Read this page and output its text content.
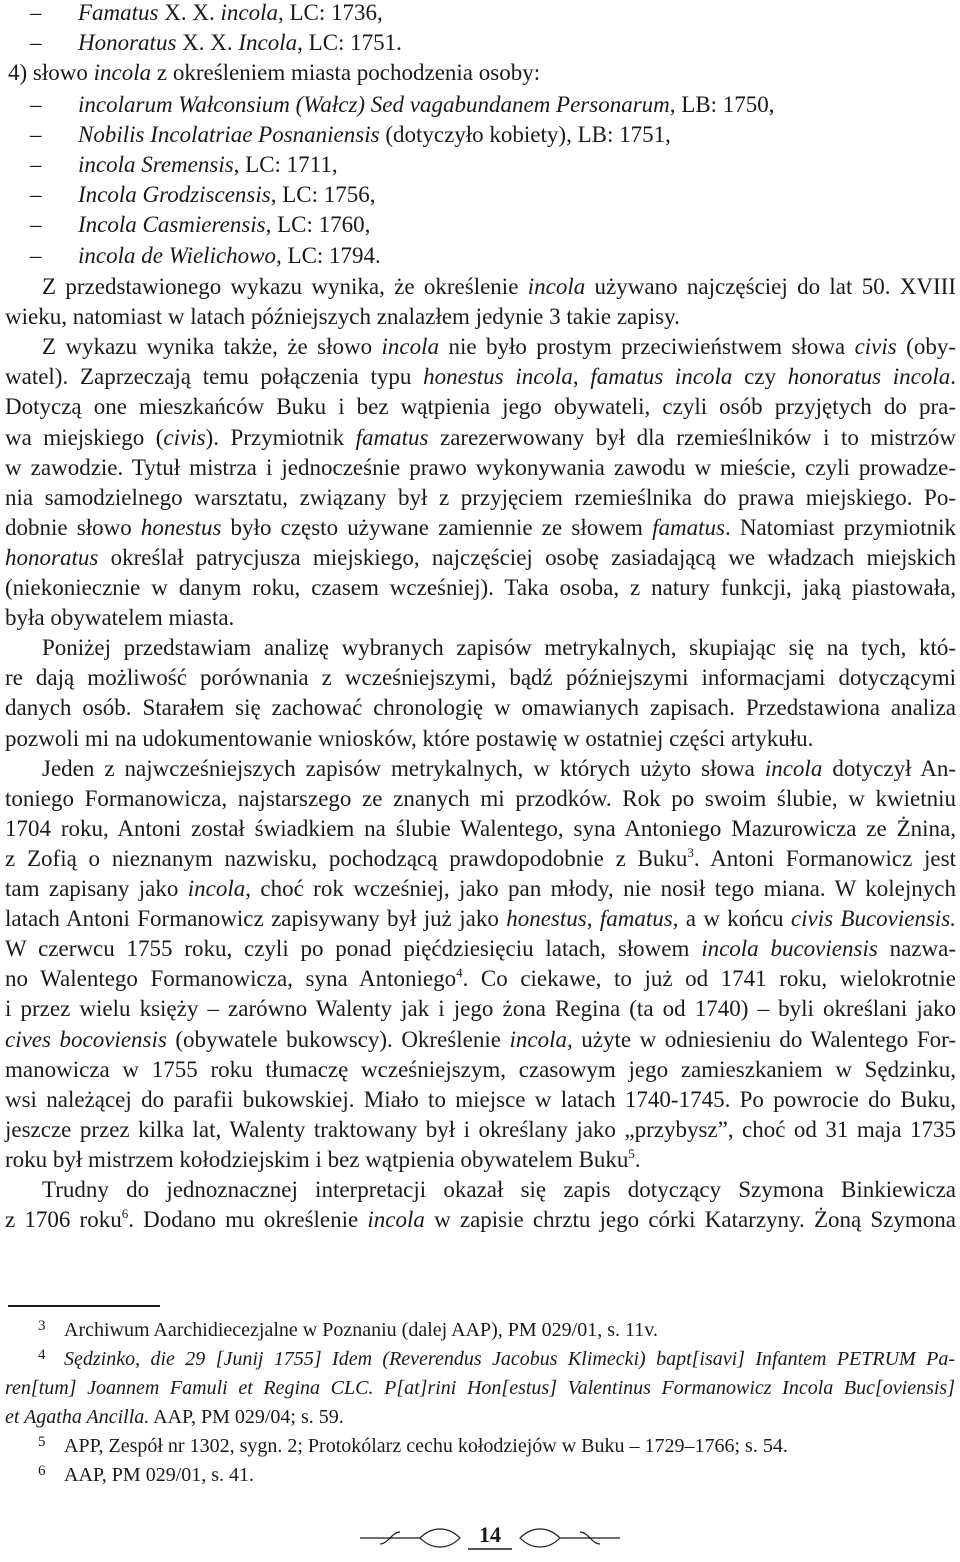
– Famatus X. X. incola, LC: 1736,
– Honoratus X. X. Incola, LC: 1751.
4) słowo incola z określeniem miasta pochodzenia osoby:
– incolarum Wałconsium (Wałcz) Sed vagabundanem Personarum, LB: 1750,
– Nobilis Incolatriae Posnaniensis (dotyczyło kobiety), LB: 1751,
– incola Sremensis, LC: 1711,
– Incola Grodziscensis, LC: 1756,
– Incola Casmierensis, LC: 1760,
– incola de Wielichowo, LC: 1794.
Z przedstawionego wykazu wynika, że określenie incola używano najczęściej do lat 50. XVIII
wieku, natomiast w latach późniejszych znalazłem jedynie 3 takie zapisy.
Z wykazu wynika także, że słowo incola nie było prostym przeciwieństwem słowa civis (oby-
watel). Zaprzeczają temu połączenia typu honestus incola, famatus incola czy honoratus incola.
Dotyczą one mieszkańców Buku i bez wątpienia jego obywateli, czyli osób przyjętych do pra-
wa miejskiego (civis). Przymiotnik famatus zarezerwowany był dla rzemieślników i to mistrzów
w zawodzie. Tytuł mistrza i jednocześnie prawo wykonywania zawodu w mieście, czyli prowadze-
nia samodzielnego warsztatu, związany był z przyjęciem rzemieślnika do prawa miejskiego. Po-
dobnie słowo honestus było często używane zamiennie ze słowem famatus. Natomiast przymiotnik
honoratus określał patrycjusza miejskiego, najczęściej osobę zasiadającą we władzach miejskich
(niekoniecznie w danym roku, czasem wcześniej). Taka osoba, z natury funkcji, jaką piastowała,
była obywatelem miasta.
Poniżej przedstawiam analizę wybranych zapisów metrykalnych, skupiając się na tych, któ-
re dają możliwość porównania z wcześniejszymi, bądź późniejszymi informacjami dotyczącymi
danych osób. Starałem się zachować chronologię w omawianych zapisach. Przedstawiona analiza
pozwoli mi na udokumentowanie wniosków, które postawię w ostatniej części artykułu.
Jeden z najwcześniejszych zapisów metrykalnych, w których użyto słowa incola dotyczył An-
toniego Formanowicza, najstarszego ze znanych mi przodków. Rok po swoim ślubie, w kwietniu
1704 roku, Antoni został świadkiem na ślubie Walentego, syna Antoniego Mazurowicza ze Żnina,
z Zofią o nieznanym nazwisku, pochodzącą prawdopodobnie z Buku$^3$. Antoni Formanowicz jest
tam zapisany jako incola, choć rok wcześniej, jako pan młody, nie nosił tego miana. W kolejnych
latach Antoni Formanowicz zapisywany był już jako honestus, famatus, a w końcu civis Bucoviensis.
W czerwcu 1755 roku, czyli po ponad pięćdziesięciu latach, słowem incola bucoviensis nazwa-
no Walentego Formanowicza, syna Antoniego$^4$. Co ciekawe, to już od 1741 roku, wielokrotnie
i przez wielu księży – zarówno Walenty jak i jego żona Regina (ta od 1740) – byli określani jako
cives bocoviensis (obywatele bukowscy). Określenie incola, użyte w odniesieniu do Walentego For-
manowicza w 1755 roku tłumaczę wcześniejszym, czasowym jego zamieszkaniem w Sędzinku,
wsi należącej do parafii bukowskiej. Miało to miejsce w latach 1740-1745. Po powrocie do Buku,
jeszcze przez kilka lat, Walenty traktowany był i określany jako „przybysz”, choć od 31 maja 1735
roku był mistrzem kołodziejskim i bez wątpienia obywatelem Buku$^5$.
Trudny do jednoznacznej interpretacji okazał się zapis dotyczący Szymona Binkiewicza
z 1706 roku$^6$. Dodano mu określenie incola w zapisie chrztu jego córki Katarzyny. Żoną Szymona
3 Archiwum Aarchidiecezjalne w Poznaniu (dalej AAP), PM 029/01, s. 11v.
4 Sędzinko, die 29 [Junij 1755] Idem (Reverendus Jacobus Klimecki) bapt[isavi] Infantem PETRUM Pa-
ren[tum] Joannem Famuli et Regina CLC. P[at]rini Hon[estus] Valentinus Formanowicz Incola Buc[oviensis]
et Agatha Ancilla. AAP, PM 029/04; s. 59.
5 APP, Zespół nr 1302, sygn. 2; Protokólarz cechu kołodziejów w Buku – 1729–1766; s. 54.
6 AAP, PM 029/01, s. 41.
14
